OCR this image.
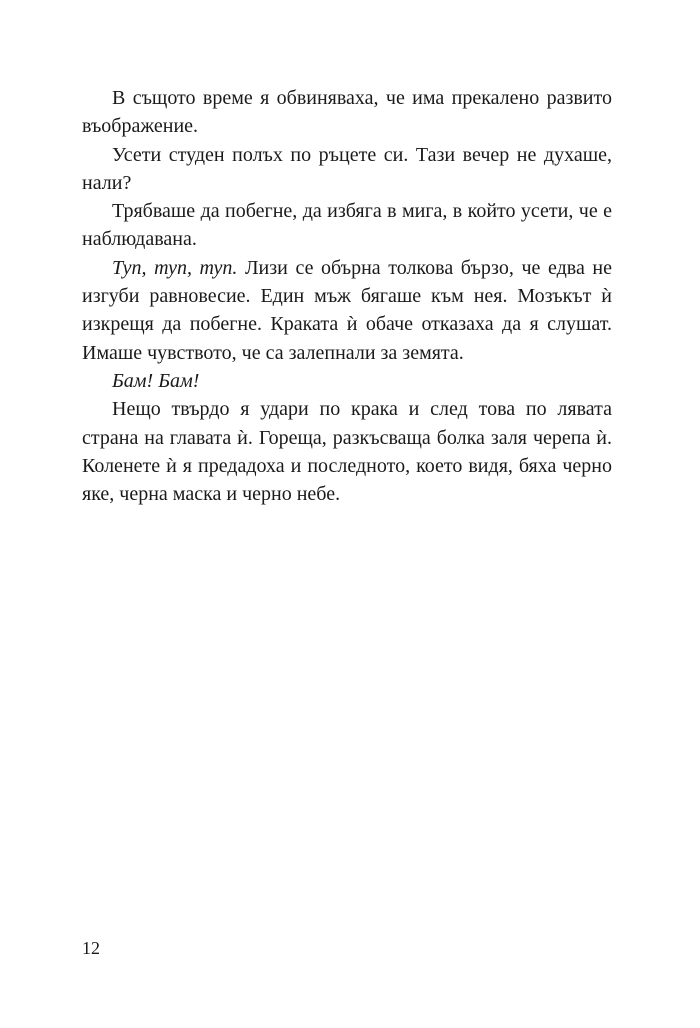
В същото време я обвиняваха, че има прекалено развито въображение.

Усети студен полъх по ръцете си. Тази вечер не духаше, нали?

Трябваше да побегне, да избяга в мига, в който усети, че е наблюдавана.

Туп, туп, туп. Лизи се обърна толкова бързо, че едва не изгуби равновесие. Един мъж бягаше към нея. Мозъкът ѝ изкрещя да побегне. Краката ѝ обаче отказаха да я слушат. Имаше чувството, че са залепнали за земята.

Бам! Бам!

Нещо твърдо я удари по крака и след това по лявата страна на главата ѝ. Гореща, разкъсваща болка заля черепа ѝ. Коленете ѝ я предадоха и последното, което видя, бяха черно яке, черна маска и черно небе.

12
